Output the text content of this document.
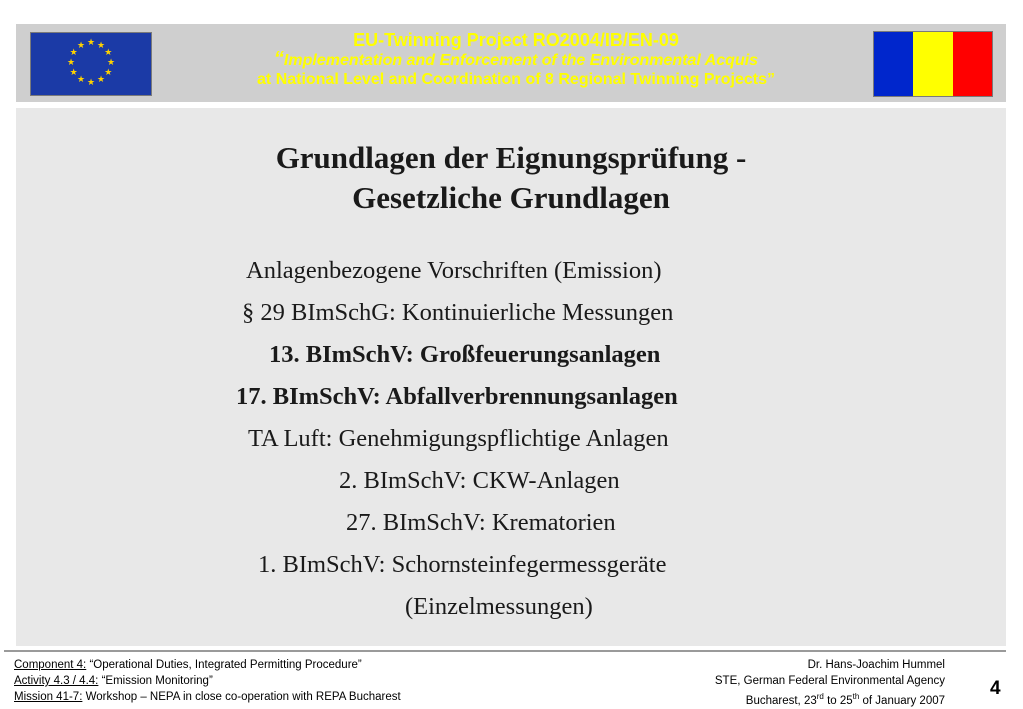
★ ★
★
★
★
★
★
★
★
★
★
★	EU-Twinning Project RO2004/IB/EN-09
“Implementation and Enforcement of the Environmental Acquis
at National Level and Coordination of 8 Regional Twinning Projects”
Grundlagen der Eignungsprüfung -
Gesetzliche Grundlagen
Anlagenbezogene Vorschriften (Emission)
§ 29 BImSchG: Kontinuierliche Messungen
13. BImSchV: Großfeuerungsanlagen
17. BImSchV: Abfallverbrennungsanlagen
TA Luft: Genehmigungspflichtige Anlagen
2. BImSchV: CKW-Anlagen
27. BImSchV: Krematorien
1. BImSchV: Schornsteinfegermessgeräte
(Einzelmessungen)
Component 4: “Operational Duties, Integrated Permitting Procedure”
Activity 4.3 / 4.4: “Emission Monitoring”
Mission 41-7: Workshop – NEPA in close co-operation with REPA Bucharest
Dr. Hans-Joachim Hummel
STE, German Federal Environmental Agency
Bucharest, 23rd to 25th of January 2007
4
